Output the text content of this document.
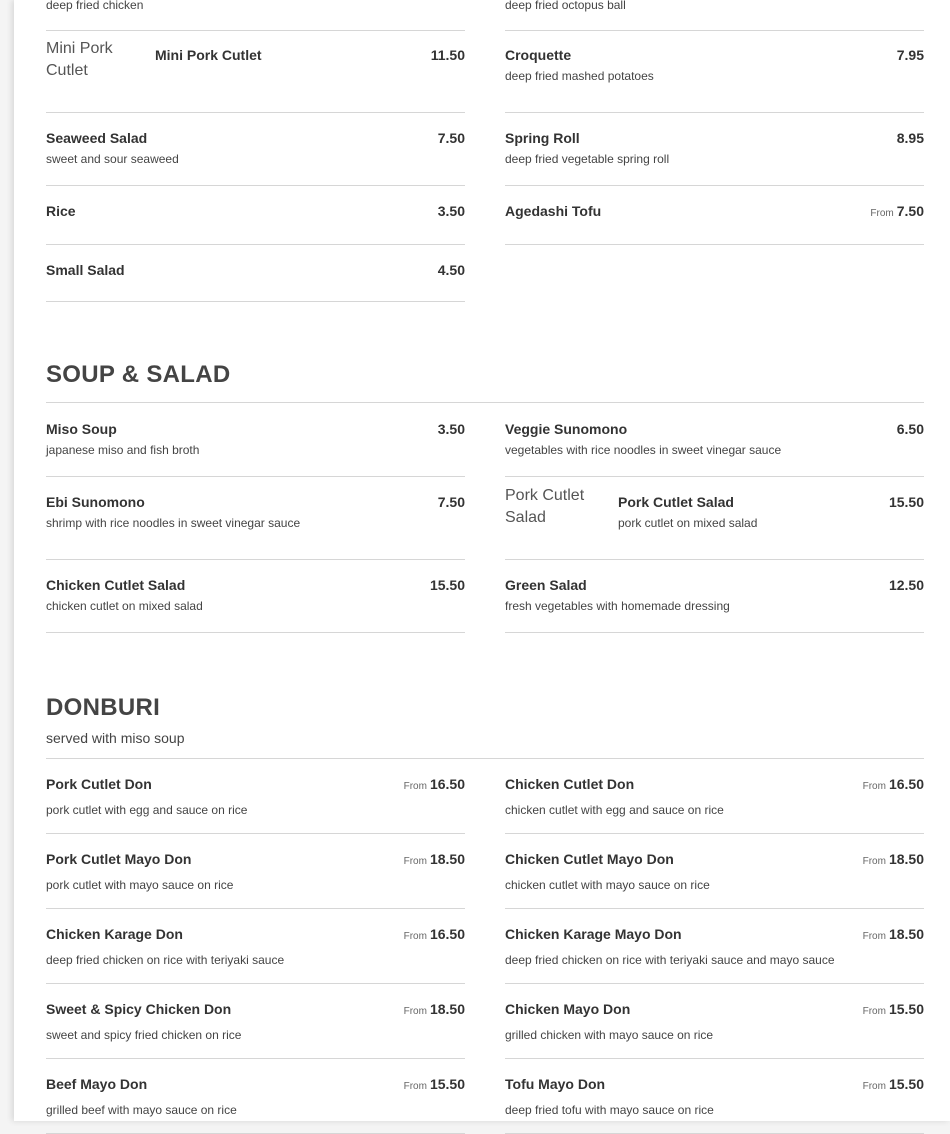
deep fried chicken	deep fried octopus ball
Mini Pork Cutlet
Mini Pork Cutlet	11.50
Seaweed Salad	7.50
sweet and sour seaweed
Rice	3.50
Small Salad	4.50
Croquette	7.95
deep fried mashed potatoes
Spring Roll	8.95
deep fried vegetable spring roll
Agedashi Tofu	From 7.50
SOUP & SALAD
Miso Soup	3.50
japanese miso and fish broth
Ebi Sunomono	7.50
shrimp with rice noodles in sweet vinegar sauce
Chicken Cutlet Salad	15.50
chicken cutlet on mixed salad
Veggie Sunomono	6.50
vegetables with rice noodles in sweet vinegar sauce
Pork Cutlet Salad
Pork Cutlet Salad	15.50
pork cutlet on mixed salad
Green Salad	12.50
fresh vegetables with homemade dressing
DONBURI
served with miso soup
Pork Cutlet Don	From 16.50
pork cutlet with egg and sauce on rice
Pork Cutlet Mayo Don	From 18.50
pork cutlet with mayo sauce on rice
Chicken Karage Don	From 16.50
deep fried chicken on rice with teriyaki sauce
Sweet & Spicy Chicken Don	From 18.50
sweet and spicy fried chicken on rice
Beef Mayo Don	From 15.50
grilled beef with mayo sauce on rice
Chicken Cutlet Don	From 16.50
chicken cutlet with egg and sauce on rice
Chicken Cutlet Mayo Don	From 18.50
chicken cutlet with mayo sauce on rice
Chicken Karage Mayo Don	From 18.50
deep fried chicken on rice with teriyaki sauce and mayo sauce
Chicken Mayo Don	From 15.50
grilled chicken with mayo sauce on rice
Tofu Mayo Don	From 15.50
deep fried tofu with mayo sauce on rice
